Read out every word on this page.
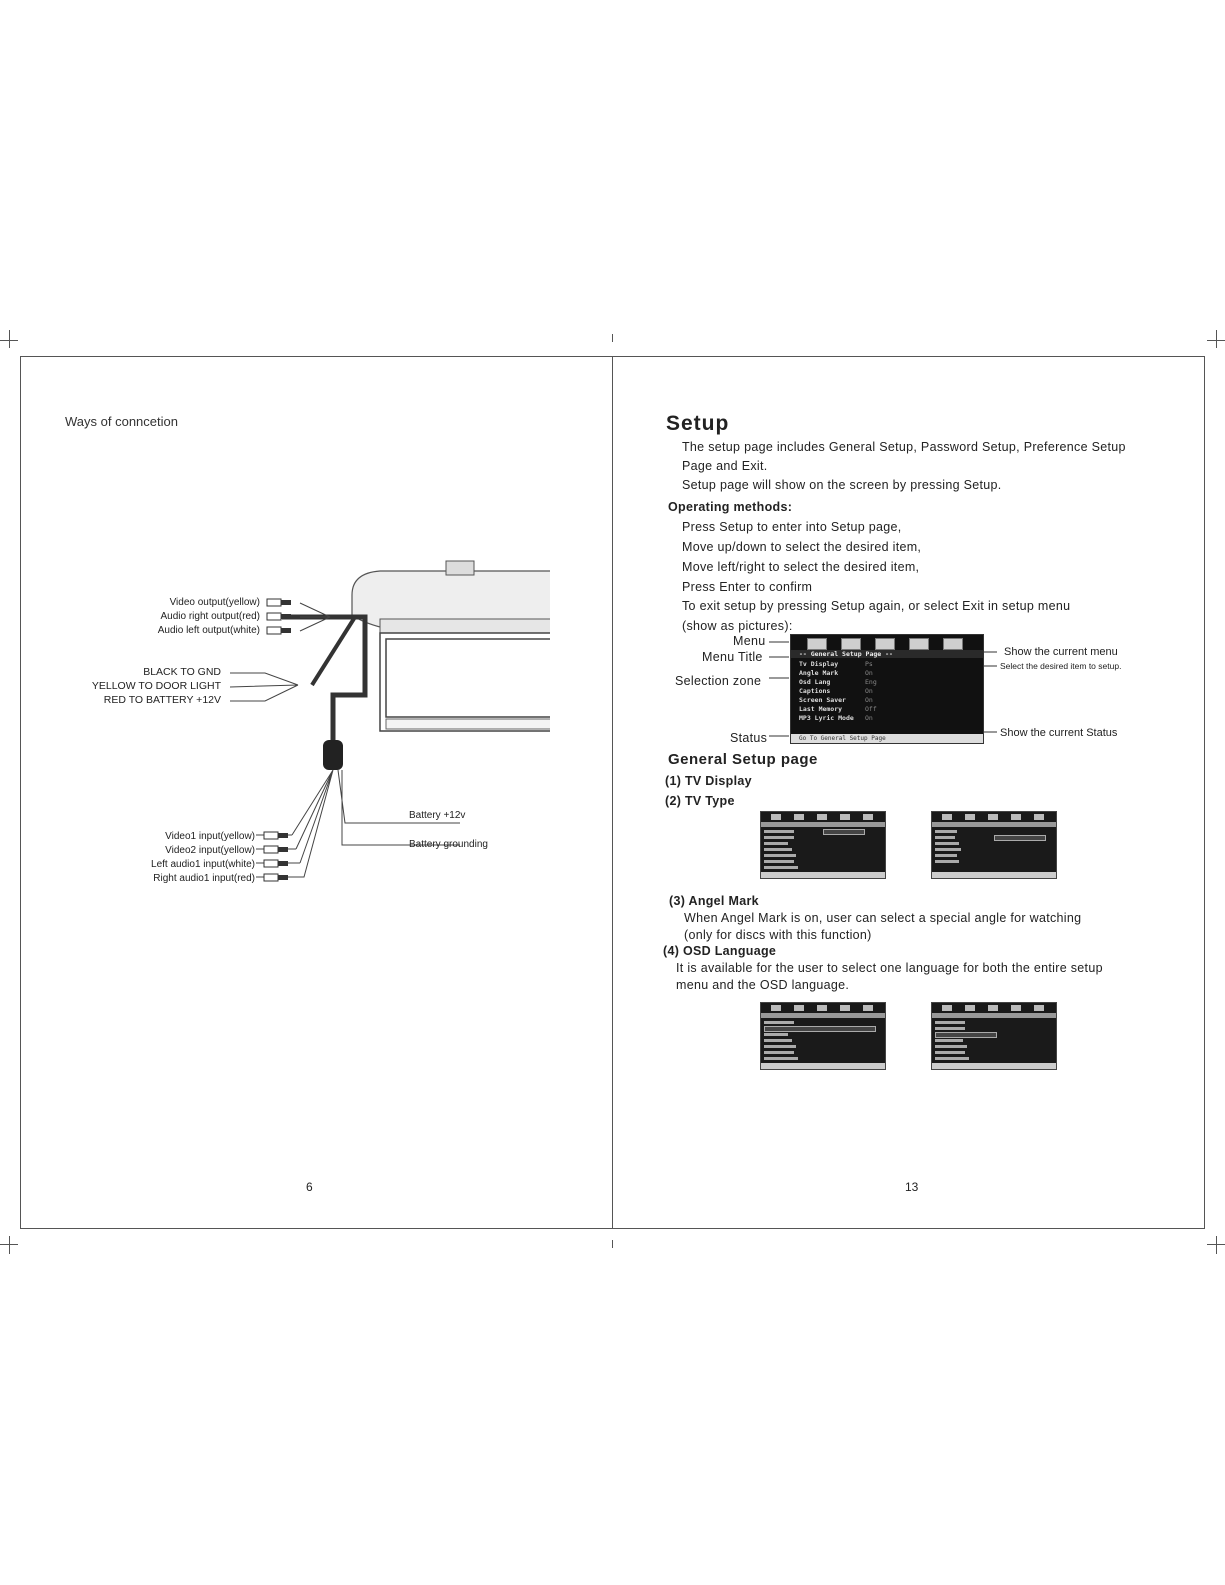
Ways of conncetion
Video output(yellow)
Audio right output(red)
Audio left output(white)
BLACK TO GND
YELLOW TO DOOR LIGHT
RED TO BATTERY +12V
Battery +12v
Battery grounding
Video1 input(yellow)
Video2 input(yellow)
Left audio1 input(white)
Right audio1 input(red)
6
Setup
The setup page includes General Setup, Password Setup, Preference Setup
Page and Exit.
Setup page will show on the screen by pressing Setup.
Operating methods:
Press Setup to enter into Setup page,
Move up/down to select the desired item,
Move left/right to select the desired item,
Press Enter to confirm
To exit setup by pressing Setup again, or select Exit in setup menu
(show as pictures):
Menu
Menu Title
Selection zone
Status
-- General Setup Page --
Tv Display
Angle Mark
Osd Lang
Captions
Screen Saver
Last Memory
MP3 Lyric Mode
Ps
On
Eng
On
On
Off
On
Go To General Setup Page
Show the current menu
Select the desired item to setup.
Show the current Status
General Setup page
(1) TV Display
(2) TV Type
(3) Angel Mark
When Angel Mark is on, user can select a special angle for watching
(only for discs with this function)
(4) OSD Language
It is available for the user to select one language for both the entire setup
menu and the OSD language.
13
